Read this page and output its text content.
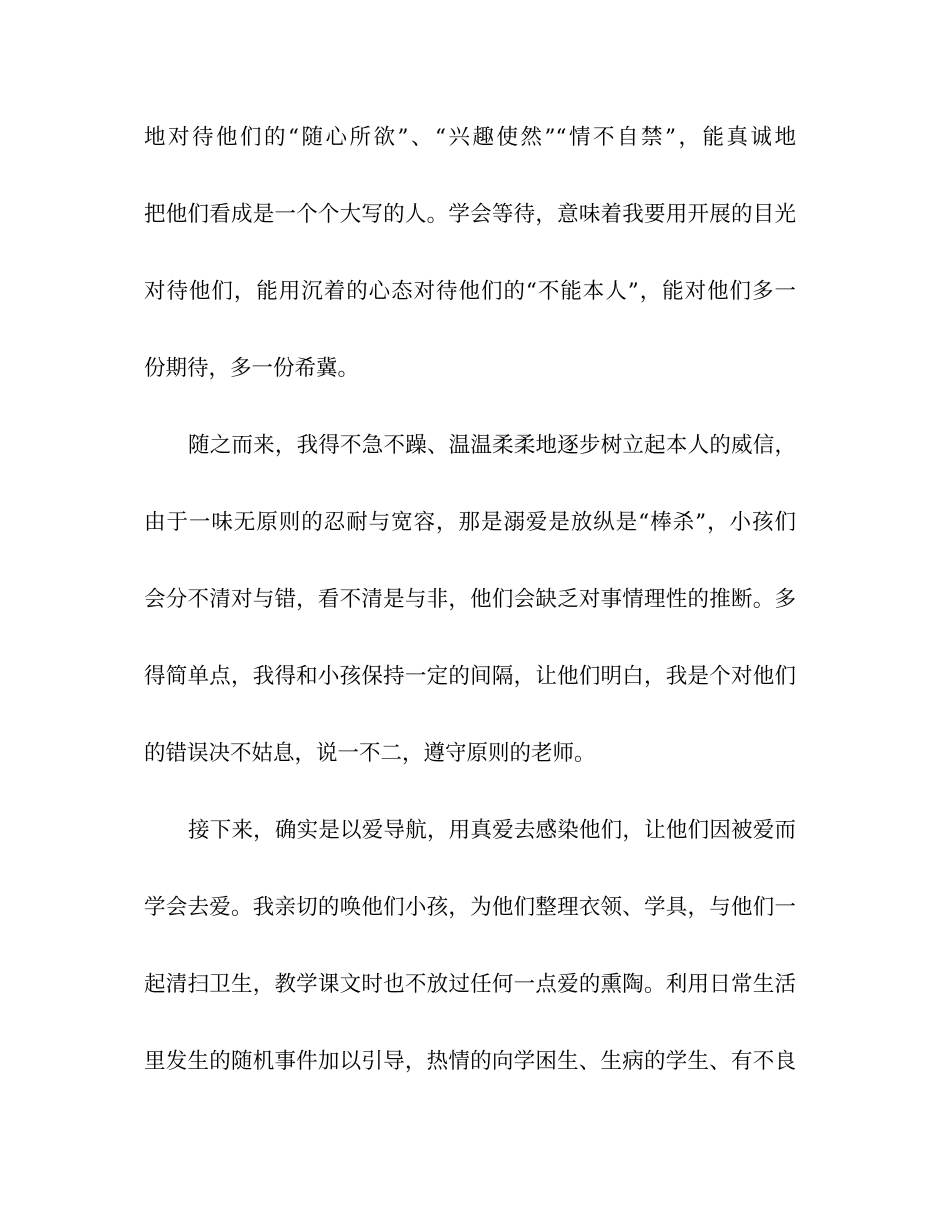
地对待他们的“随心所欲”、“兴趣使然”“情不自禁”，能真诚地
把他们看成是一个个大写的人。学会等待，意味着我要用开展的目光
对待他们，能用沉着的心态对待他们的“不能本人”，能对他们多一
份期待，多一份希冀。
随之而来，我得不急不躁、温温柔柔地逐步树立起本人的威信，
由于一味无原则的忍耐与宽容，那是溺爱是放纵是“棒杀”，小孩们
会分不清对与错，看不清是与非，他们会缺乏对事情理性的推断。多
得简单点，我得和小孩保持一定的间隔，让他们明白，我是个对他们
的错误决不姑息，说一不二，遵守原则的老师。
接下来，确实是以爱导航，用真爱去感染他们，让他们因被爱而
学会去爱。我亲切的唤他们小孩，为他们整理衣领、学具，与他们一
起清扫卫生，教学课文时也不放过任何一点爱的熏陶。利用日常生活
里发生的随机事件加以引导，热情的向学困生、生病的学生、有不良
